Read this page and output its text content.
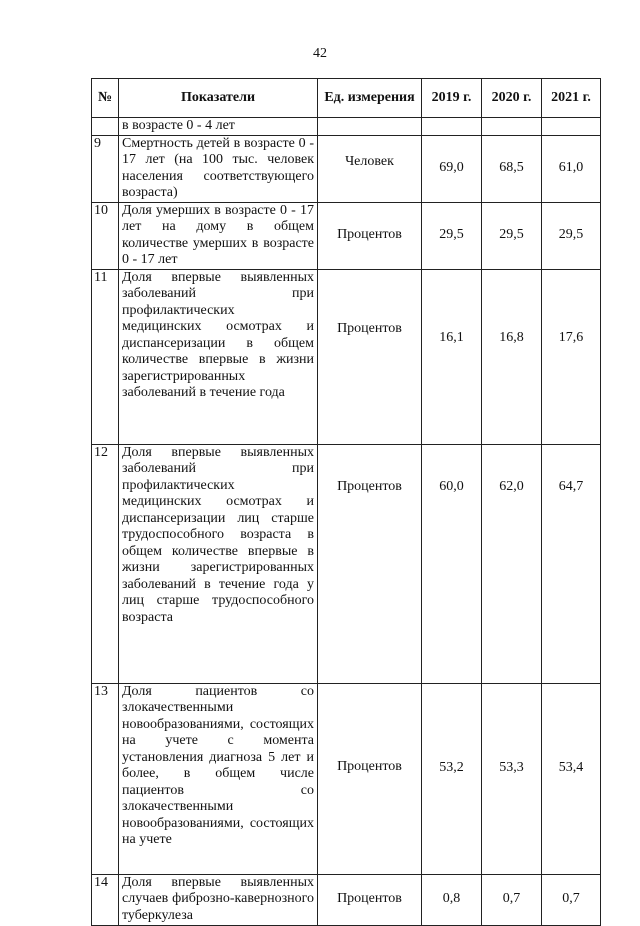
42
№	Показатели	Ед. измерения	2019 г.	2020 г.	2021 г.
	в возрасте 0 - 4 лет				
9	Смертность детей в возрасте 0 - 17 лет (на 100 тыс. человек населения соответствующего возраста)	Человек	69,0	68,5	61,0
10	Доля умерших в возрасте 0 - 17 лет на дому в общем количестве умерших в возрасте 0 - 17 лет	Процентов	29,5	29,5	29,5
11	Доля впервые выявленных заболеваний при профилактических медицинских осмотрах и диспансеризации в общем количестве впервые в жизни зарегистрированных заболеваний в течение года	Процентов	16,1	16,8	17,6
12	Доля впервые выявленных заболеваний при профилактических медицинских осмотрах и диспансеризации лиц старше трудоспособного возраста в общем количестве впервые в жизни зарегистрированных заболеваний в течение года у лиц старше трудоспособного возраста	Процентов	60,0	62,0	64,7
13	Доля пациентов со злокачественными новообразованиями, состоящих на учете с момента установления диагноза 5 лет и более, в общем числе пациентов со злокачественными новообразованиями, состоящих на учете	Процентов	53,2	53,3	53,4
14	Доля впервые выявленных случаев фиброзно-кавернозного туберкулеза	Процентов	0,8	0,7	0,7
